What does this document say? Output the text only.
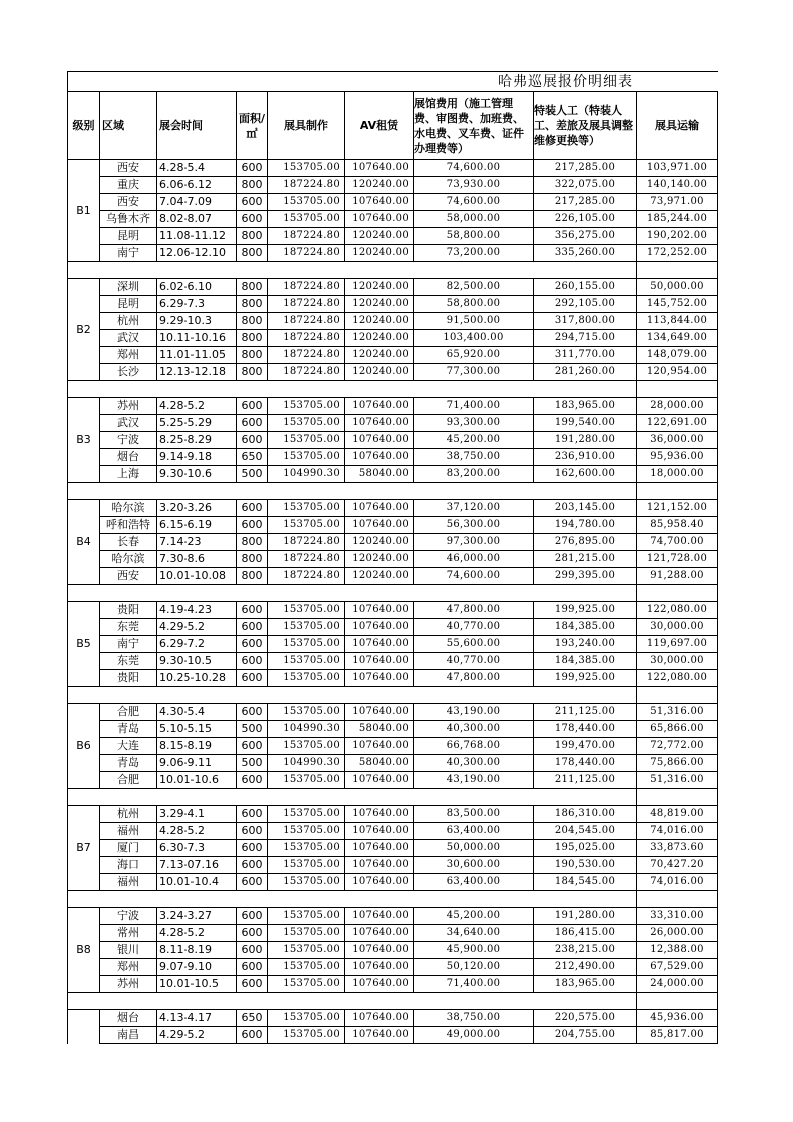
						哈弗巡展报价明细表		
级别	区域	展会时间	面积/㎡	展具制作	AV租赁	展馆费用（施工管理费、审图费、加班费、水电费、叉车费、证件办理费等）	特装人工（特装人工、差旅及展具调整维修更换等）	展具运输
B1	西安	4.28-5.4	600	153705.00	107640.00	74,600.00	217,285.00	103,971.00
	重庆	6.06-6.12	800	187224.80	120240.00	73,930.00	322,075.00	140,140.00
	西安	7.04-7.09	600	153705.00	107640.00	74,600.00	217,285.00	73,971.00
	乌鲁木齐	8.02-8.07	600	153705.00	107640.00	58,000.00	226,105.00	185,244.00
	昆明	11.08-11.12	800	187224.80	120240.00	58,800.00	356,275.00	190,202.00
	南宁	12.06-12.10	800	187224.80	120240.00	73,200.00	335,260.00	172,252.00

B2	深圳	6.02-6.10	800	187224.80	120240.00	82,500.00	260,155.00	50,000.00
	昆明	6.29-7.3	800	187224.80	120240.00	58,800.00	292,105.00	145,752.00
	杭州	9.29-10.3	800	187224.80	120240.00	91,500.00	317,800.00	113,844.00
	武汉	10.11-10.16	800	187224.80	120240.00	103,400.00	294,715.00	134,649.00
	郑州	11.01-11.05	800	187224.80	120240.00	65,920.00	311,770.00	148,079.00
	长沙	12.13-12.18	800	187224.80	120240.00	77,300.00	281,260.00	120,954.00

B3	苏州	4.28-5.2	600	153705.00	107640.00	71,400.00	183,965.00	28,000.00
	武汉	5.25-5.29	600	153705.00	107640.00	93,300.00	199,540.00	122,691.00
	宁波	8.25-8.29	600	153705.00	107640.00	45,200.00	191,280.00	36,000.00
	烟台	9.14-9.18	650	153705.00	107640.00	38,750.00	236,910.00	95,936.00
	上海	9.30-10.6	500	104990.30	58040.00	83,200.00	162,600.00	18,000.00

B4	哈尔滨	3.20-3.26	600	153705.00	107640.00	37,120.00	203,145.00	121,152.00
	呼和浩特	6.15-6.19	600	153705.00	107640.00	56,300.00	194,780.00	85,958.40
	长春	7.14-23	800	187224.80	120240.00	97,300.00	276,895.00	74,700.00
	哈尔滨	7.30-8.6	800	187224.80	120240.00	46,000.00	281,215.00	121,728.00
	西安	10.01-10.08	800	187224.80	120240.00	74,600.00	299,395.00	91,288.00

B5	贵阳	4.19-4.23	600	153705.00	107640.00	47,800.00	199,925.00	122,080.00
	东莞	4.29-5.2	600	153705.00	107640.00	40,770.00	184,385.00	30,000.00
	南宁	6.29-7.2	600	153705.00	107640.00	55,600.00	193,240.00	119,697.00
	东莞	9.30-10.5	600	153705.00	107640.00	40,770.00	184,385.00	30,000.00
	贵阳	10.25-10.28	600	153705.00	107640.00	47,800.00	199,925.00	122,080.00

B6	合肥	4.30-5.4	600	153705.00	107640.00	43,190.00	211,125.00	51,316.00
	青岛	5.10-5.15	500	104990.30	58040.00	40,300.00	178,440.00	65,866.00
	大连	8.15-8.19	600	153705.00	107640.00	66,768.00	199,470.00	72,772.00
	青岛	9.06-9.11	500	104990.30	58040.00	40,300.00	178,440.00	75,866.00
	合肥	10.01-10.6	600	153705.00	107640.00	43,190.00	211,125.00	51,316.00

B7	杭州	3.29-4.1	600	153705.00	107640.00	83,500.00	186,310.00	48,819.00
	福州	4.28-5.2	600	153705.00	107640.00	63,400.00	204,545.00	74,016.00
	厦门	6.30-7.3	600	153705.00	107640.00	50,000.00	195,025.00	33,873.60
	海口	7.13-07.16	600	153705.00	107640.00	30,600.00	190,530.00	70,427.20
	福州	10.01-10.4	600	153705.00	107640.00	63,400.00	184,545.00	74,016.00

B8	宁波	3.24-3.27	600	153705.00	107640.00	45,200.00	191,280.00	33,310.00
	常州	4.28-5.2	600	153705.00	107640.00	34,640.00	186,415.00	26,000.00
	银川	8.11-8.19	600	153705.00	107640.00	45,900.00	238,215.00	12,388.00
	郑州	9.07-9.10	600	153705.00	107640.00	50,120.00	212,490.00	67,529.00
	苏州	10.01-10.5	600	153705.00	107640.00	71,400.00	183,965.00	24,000.00

	烟台	4.13-4.17	650	153705.00	107640.00	38,750.00	220,575.00	45,936.00
	南昌	4.29-5.2	600	153705.00	107640.00	49,000.00	204,755.00	85,817.00
